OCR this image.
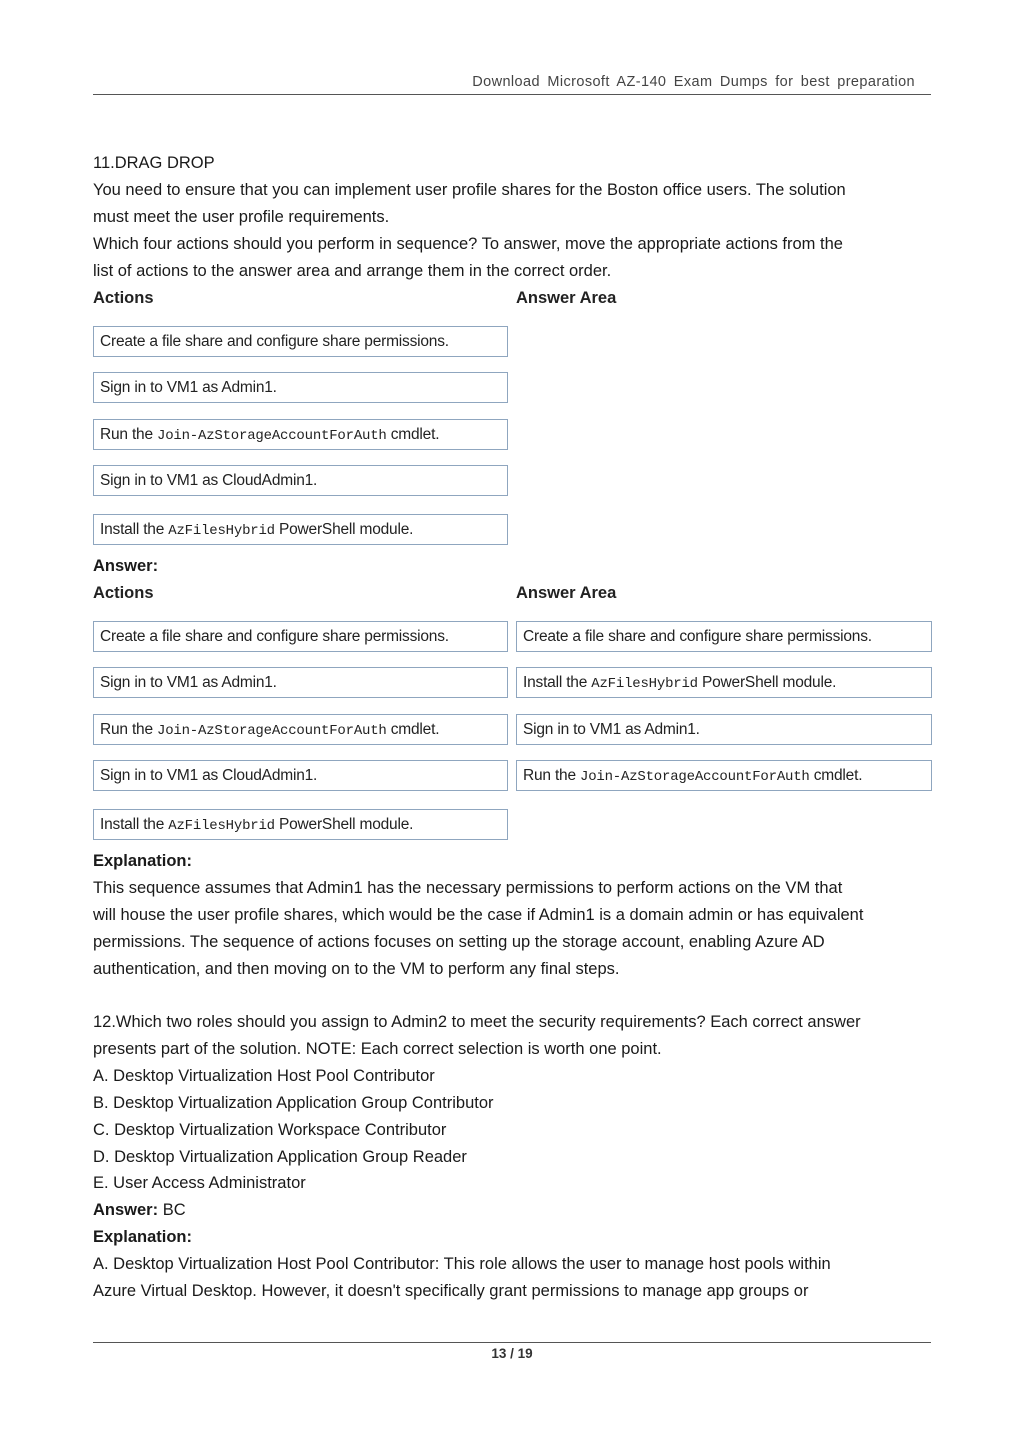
Download Microsoft AZ-140 Exam Dumps for best preparation
11.DRAG DROP
You need to ensure that you can implement user profile shares for the Boston office users. The solution
must meet the user profile requirements.
Which four actions should you perform in sequence? To answer, move the appropriate actions from the
list of actions to the answer area and arrange them in the correct order.
Actions	Answer Area
Create a file share and configure share permissions.
Sign in to VM1 as Admin1.
Run the Join-AzStorageAccountForAuth cmdlet.
Sign in to VM1 as CloudAdmin1.
Install the AzFilesHybrid PowerShell module.
Answer:
Actions	Answer Area
Create a file share and configure share permissions.
Sign in to VM1 as Admin1.
Run the Join-AzStorageAccountForAuth cmdlet.
Sign in to VM1 as CloudAdmin1.
Install the AzFilesHybrid PowerShell module.
Create a file share and configure share permissions.
Install the AzFilesHybrid PowerShell module.
Sign in to VM1 as Admin1.
Run the Join-AzStorageAccountForAuth cmdlet.
Explanation:
This sequence assumes that Admin1 has the necessary permissions to perform actions on the VM that
will house the user profile shares, which would be the case if Admin1 is a domain admin or has equivalent
permissions. The sequence of actions focuses on setting up the storage account, enabling Azure AD
authentication, and then moving on to the VM to perform any final steps.
12.Which two roles should you assign to Admin2 to meet the security requirements? Each correct answer
presents part of the solution. NOTE: Each correct selection is worth one point.
A. Desktop Virtualization Host Pool Contributor
B. Desktop Virtualization Application Group Contributor
C. Desktop Virtualization Workspace Contributor
D. Desktop Virtualization Application Group Reader
E. User Access Administrator
Answer: BC
Explanation:
A. Desktop Virtualization Host Pool Contributor: This role allows the user to manage host pools within
Azure Virtual Desktop. However, it doesn't specifically grant permissions to manage app groups or
13 / 19
